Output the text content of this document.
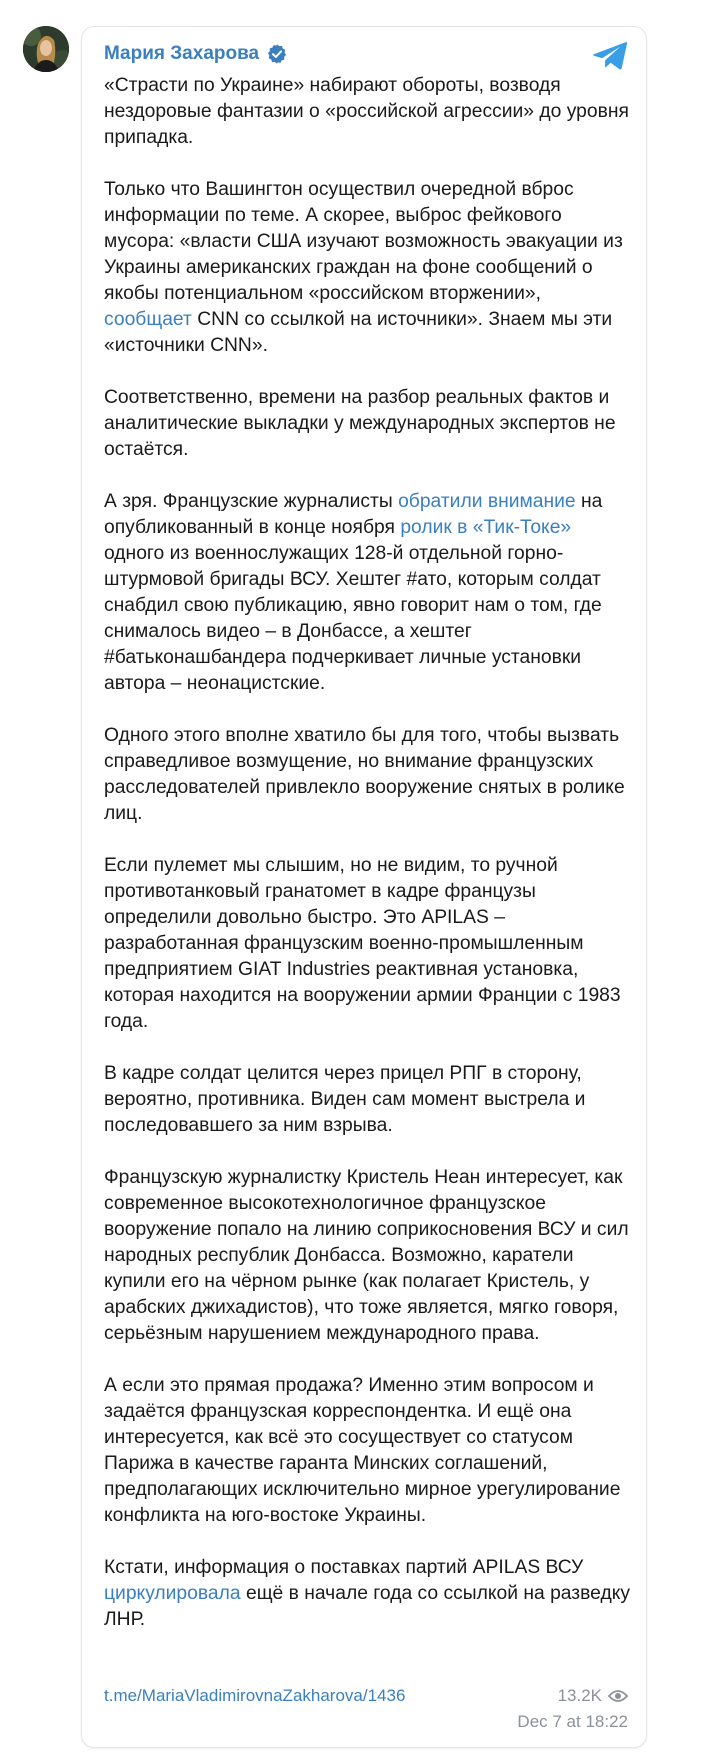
Мария Захарова

«Страсти по Украине» набирают обороты, возводя нездоровые фантазии о «российской агрессии» до уровня припадка.

Только что Вашингтон осуществил очередной вброс информации по теме. А скорее, выброс фейкового мусора: «власти США изучают возможность эвакуации из Украины американских граждан на фоне сообщений о якобы потенциальном «российском вторжении», сообщает CNN со ссылкой на источники». Знаем мы эти «источники CNN».

Соответственно, времени на разбор реальных фактов и аналитические выкладки у международных экспертов не остаётся.

А зря. Французские журналисты обратили внимание на опубликованный в конце ноября ролик в «Тик-Токе» одного из военнослужащих 128-й отдельной горно-штурмовой бригады ВСУ. Хештег #ато, которым солдат снабдил свою публикацию, явно говорит нам о том, где снималось видео – в Донбассе, а хештег #батьконашбандера подчеркивает личные установки автора – неонацистские.

Одного этого вполне хватило бы для того, чтобы вызвать справедливое возмущение, но внимание французских расследователей привлекло вооружение снятых в ролике лиц.

Если пулемет мы слышим, но не видим, то ручной противотанковый гранатомет в кадре французы определили довольно быстро. Это APILAS – разработанная французским военно-промышленным предприятием GIAT Industries реактивная установка, которая находится на вооружении армии Франции с 1983 года.

В кадре солдат целится через прицел РПГ в сторону, вероятно, противника. Виден сам момент выстрела и последовавшего за ним взрыва.

Французскую журналистку Кристель Неан интересует, как современное высокотехнологичное французское вооружение попало на линию соприкосновения ВСУ и сил народных республик Донбасса. Возможно, каратели купили его на чёрном рынке (как полагает Кристель, у арабских джихадистов), что тоже является, мягко говоря, серьёзным нарушением международного права.

А если это прямая продажа? Именно этим вопросом и задаётся французская корреспондентка. И ещё она интересуется, как всё это сосуществует со статусом Парижа в качестве гаранта Минских соглашений, предполагающих исключительно мирное урегулирование конфликта на юго-востоке Украины.

Кстати, информация о поставках партий APILAS ВСУ циркулировала ещё в начале года со ссылкой на разведку ЛНР.

t.me/MariaVladimirovnaZakharova/1436	13.2K
Dec 7 at 18:22
